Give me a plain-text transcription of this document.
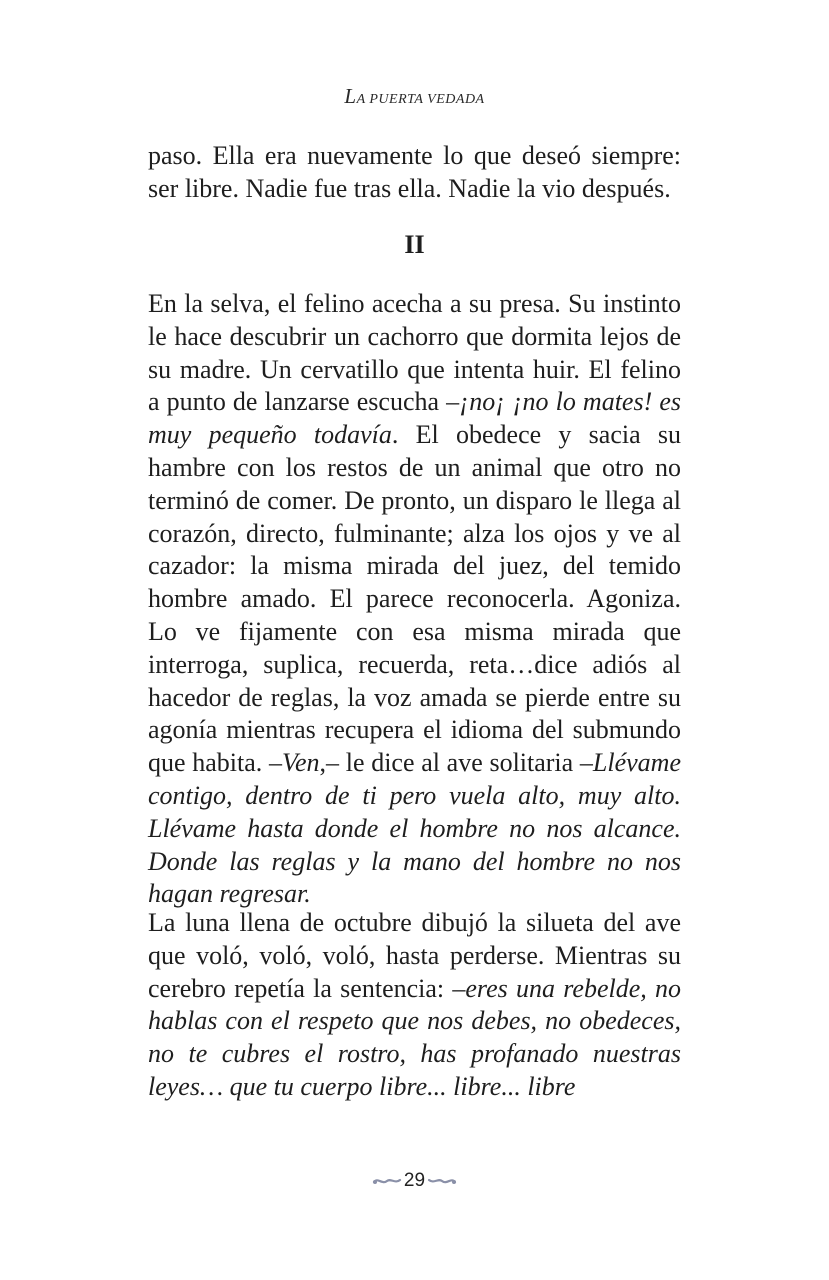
LA PUERTA VEDADA

paso. Ella era nuevamente lo que deseó siempre: ser libre. Nadie fue tras ella. Nadie la vio después.

II

En la selva, el felino acecha a su presa. Su instinto le hace descubrir un cachorro que dormita lejos de su madre. Un cervatillo que intenta huir. El felino a punto de lanzarse escucha –¡no¡ ¡no lo mates! es muy pequeño todavía. El obedece y sacia su hambre con los restos de un animal que otro no terminó de comer. De pronto, un disparo le llega al corazón, directo, fulminante; alza los ojos y ve al cazador: la misma mirada del juez, del temido hombre amado. El parece reconocerla. Agoniza. Lo ve fijamente con esa misma mirada que interroga, suplica, recuerda, reta…dice adiós al hacedor de reglas, la voz amada se pierde entre su agonía mientras recupera el idioma del submundo que habita. –Ven,– le dice al ave solitaria –Llévame contigo, dentro de ti pero vuela alto, muy alto. Llévame hasta donde el hombre no nos alcance. Donde las reglas y la mano del hombre no nos hagan regresar.

La luna llena de octubre dibujó la silueta del ave que voló, voló, voló, hasta perderse. Mientras su cerebro repetía la sentencia: –eres una rebelde, no hablas con el respeto que nos debes, no obedeces, no te cubres el rostro, has profanado nuestras leyes… que tu cuerpo libre... libre... libre

29
